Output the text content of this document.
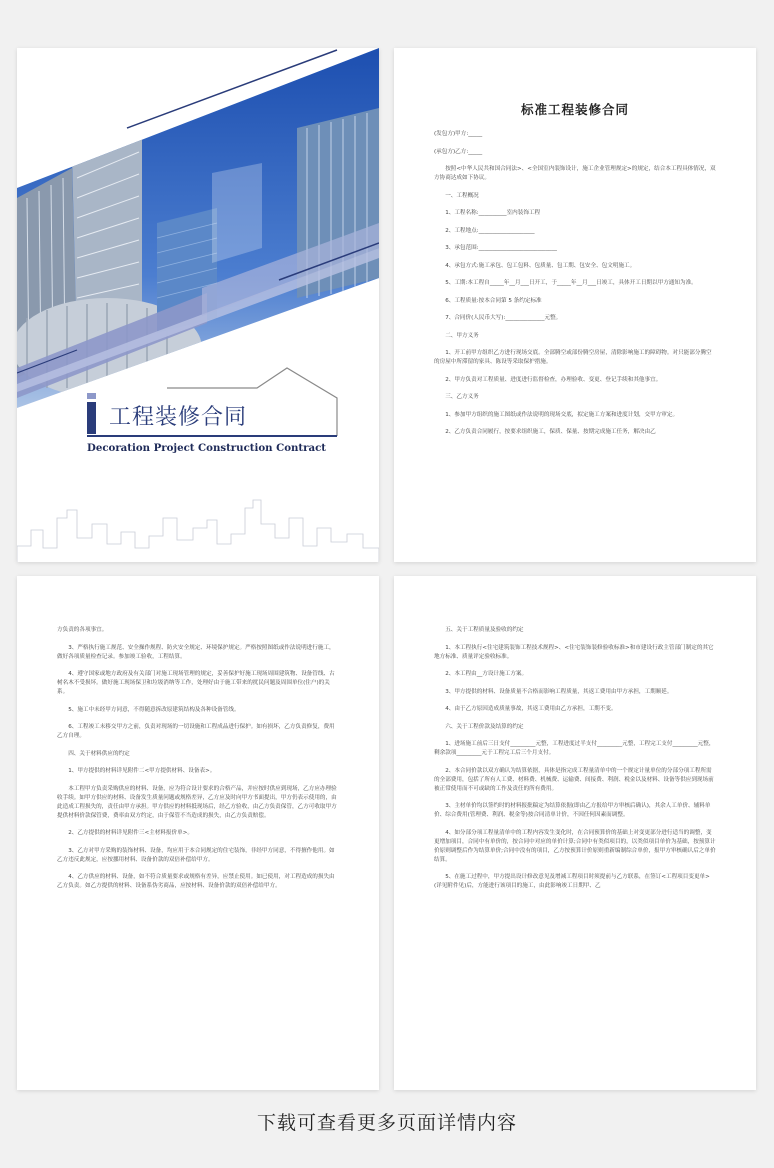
工程装修合同
Decoration Project Construction Contract
标准工程装修合同
(发包方)甲方:_____
(承包方)乙方:_____
按照<中华人民共和国合同法>、<全国室内装饰设计，施工企业管理规定>的规定，结合本工程具体情况，双方协商达成如下协议。
一、工程概况
1、工程名称:__________室内装饰工程
2、工程地点:____________________
3、承包范围:____________________________
4、承包方式:施工承包、包工包料、包质量、包工期、包安全、包文明施工。
5、工期:本工程自_____年__月___日开工，于_____年__月___日竣工，具体开工日期以甲方通知为准。
6、工程质量:按本合同第 5 条约定标准
7、合同价(人民币大写):______________元整。
二、甲方义务
1、开工前甲方组织乙方进行现场交底。全部腾空或部份腾空房屋，清除影响施工的障碍物。对只能部分腾空的房屋中所滞留的家具、陈设等采取保护措施。
2、甲方负责对工程质量、进度进行监督检查，办理验收、变更、登记手续和其他事宜。
三、乙方义务
1、参加甲方组织的施工图纸或作法说明的现场交底，拟定施工方案和进度计划，交甲方审定。
2、乙方负责合同履行，按要求组织施工，保质、保量、按期完成施工任务，解决由乙
方负责的各项事宜。
3、严格执行施工规范、安全操作规程、防火安全规定、环境保护规定。严格按照图纸或作法说明进行施工，做好各项质量检查记录。参加竣工验收，工程结算。
4、遵守国家或地方政府及有关部门对施工现场管理的规定，妥善保护好施工现场周围建筑物、设备管线、古树名木不受损坏。做好施工现场保卫和垃圾消纳等工作，处理好由于施工带来的扰民问题及周围单位(住户)的关系。
5、施工中未经甲方同意，不得随意拆改原建筑结构及各种设备管线。
6、工程竣工未移交甲方之前，负责对现场的一切设施和工程成品进行保护。如有损坏，乙方负责修复，费用乙方自理。
四、关于材料供应的约定
1、甲方提供的材料详见附件二<甲方提供材料、设备表>。
本工程甲方负责采购供应的材料、设备，应为符合设计要求的合格产品，并应按时供应到现场，乙方应办理验收手续。如甲方供应的材料、设备发生质量问题或规格差异，乙方应及时向甲方书面提出，甲方仍表示使用的，由此造成工程损失的，责任由甲方承担。甲方供应的材料抵现场后，经乙方验收，由乙方负责保管，乙方可收取甲方提供材料价款保管费，费率由双方约定，由于保管不当造成的损失，由乙方负责赔偿。
2、乙方提供的材料详见附件三<主材料报价单>。
3、乙方对甲方采购的装饰材料、设备，均应用于本合同规定的住宅装饰，非经甲方同意，不得擅作他用。如乙方违反此规定，应按挪用材料、设备价款的双倍补偿给甲方。
4、乙方供应的材料、设备，如不符合质量要求或规格有差异，应禁止使用。如已使用，对工程造成的损失由乙方负责。如乙方提供的材料、设备系伪劣商品，应按材料、设备价款的双倍补偿给甲方。
五、关于工程质量及验收的约定
1、本工程执行<住宅建筑装饰工程技术规程>、<住宅装饰装修验收标准>和市建设行政主管部门制定的其它地方标准、质量评定验收标准。
2、本工程由__方设计施工方案。
3、甲方提供的材料、设备质量不合格而影响工程质量，其返工费用由甲方承担，工期顺延。
4、由于乙方原因造成质量事故，其返工费用由乙方承担，工期不变。
六、关于工程价款及结算的约定
1、进场施工前后三日支付_________元整，工程进度过半支付_________元整，工程完工支付_________元整，剩余款项_________元于工程完工后三个月支付。
2、本合同价款以双方确认为结算依据，具体是指完成工程量清单中的一个规定计量单位的分部分项工程所需的全部费用，包括了所有人工费、材料费、机械费、运输费、间接费、利润、税金以及材料、设备等供应到现场前被正常使用而不可或缺的工作及责任的所有费用。
3、主材单价均以签约时的材料报批稿定为结算依据(即由乙方报给甲方审核后确认)，其余人工单价、辅料单价、综合费用(管理费、利润、税金等)按合同清单计价，不因任何因素而调整。
4、如分部分项工程量清单中的工程内容发生变化时，在合同预算价的基础上对变更部分进行适当的调整，变更增加项目，合同中有单价的，按合同中对应的单价计算;合同中有类似项目的，以类似项目单价为基础，按预算计价原则调整后作为结算单价;合同中没有的项目，乙方按预算计价原则重新编制综合单价，报甲方审核确认后之单价结算。
5、在施工过程中，甲方提出设计修改意见及增减工程项目时须提前与乙方联系，在签订<工程项目变更单>(详见附件见)后，方能进行该项目的施工，由此影响竣工日期甲、乙
下载可查看更多页面详情内容
